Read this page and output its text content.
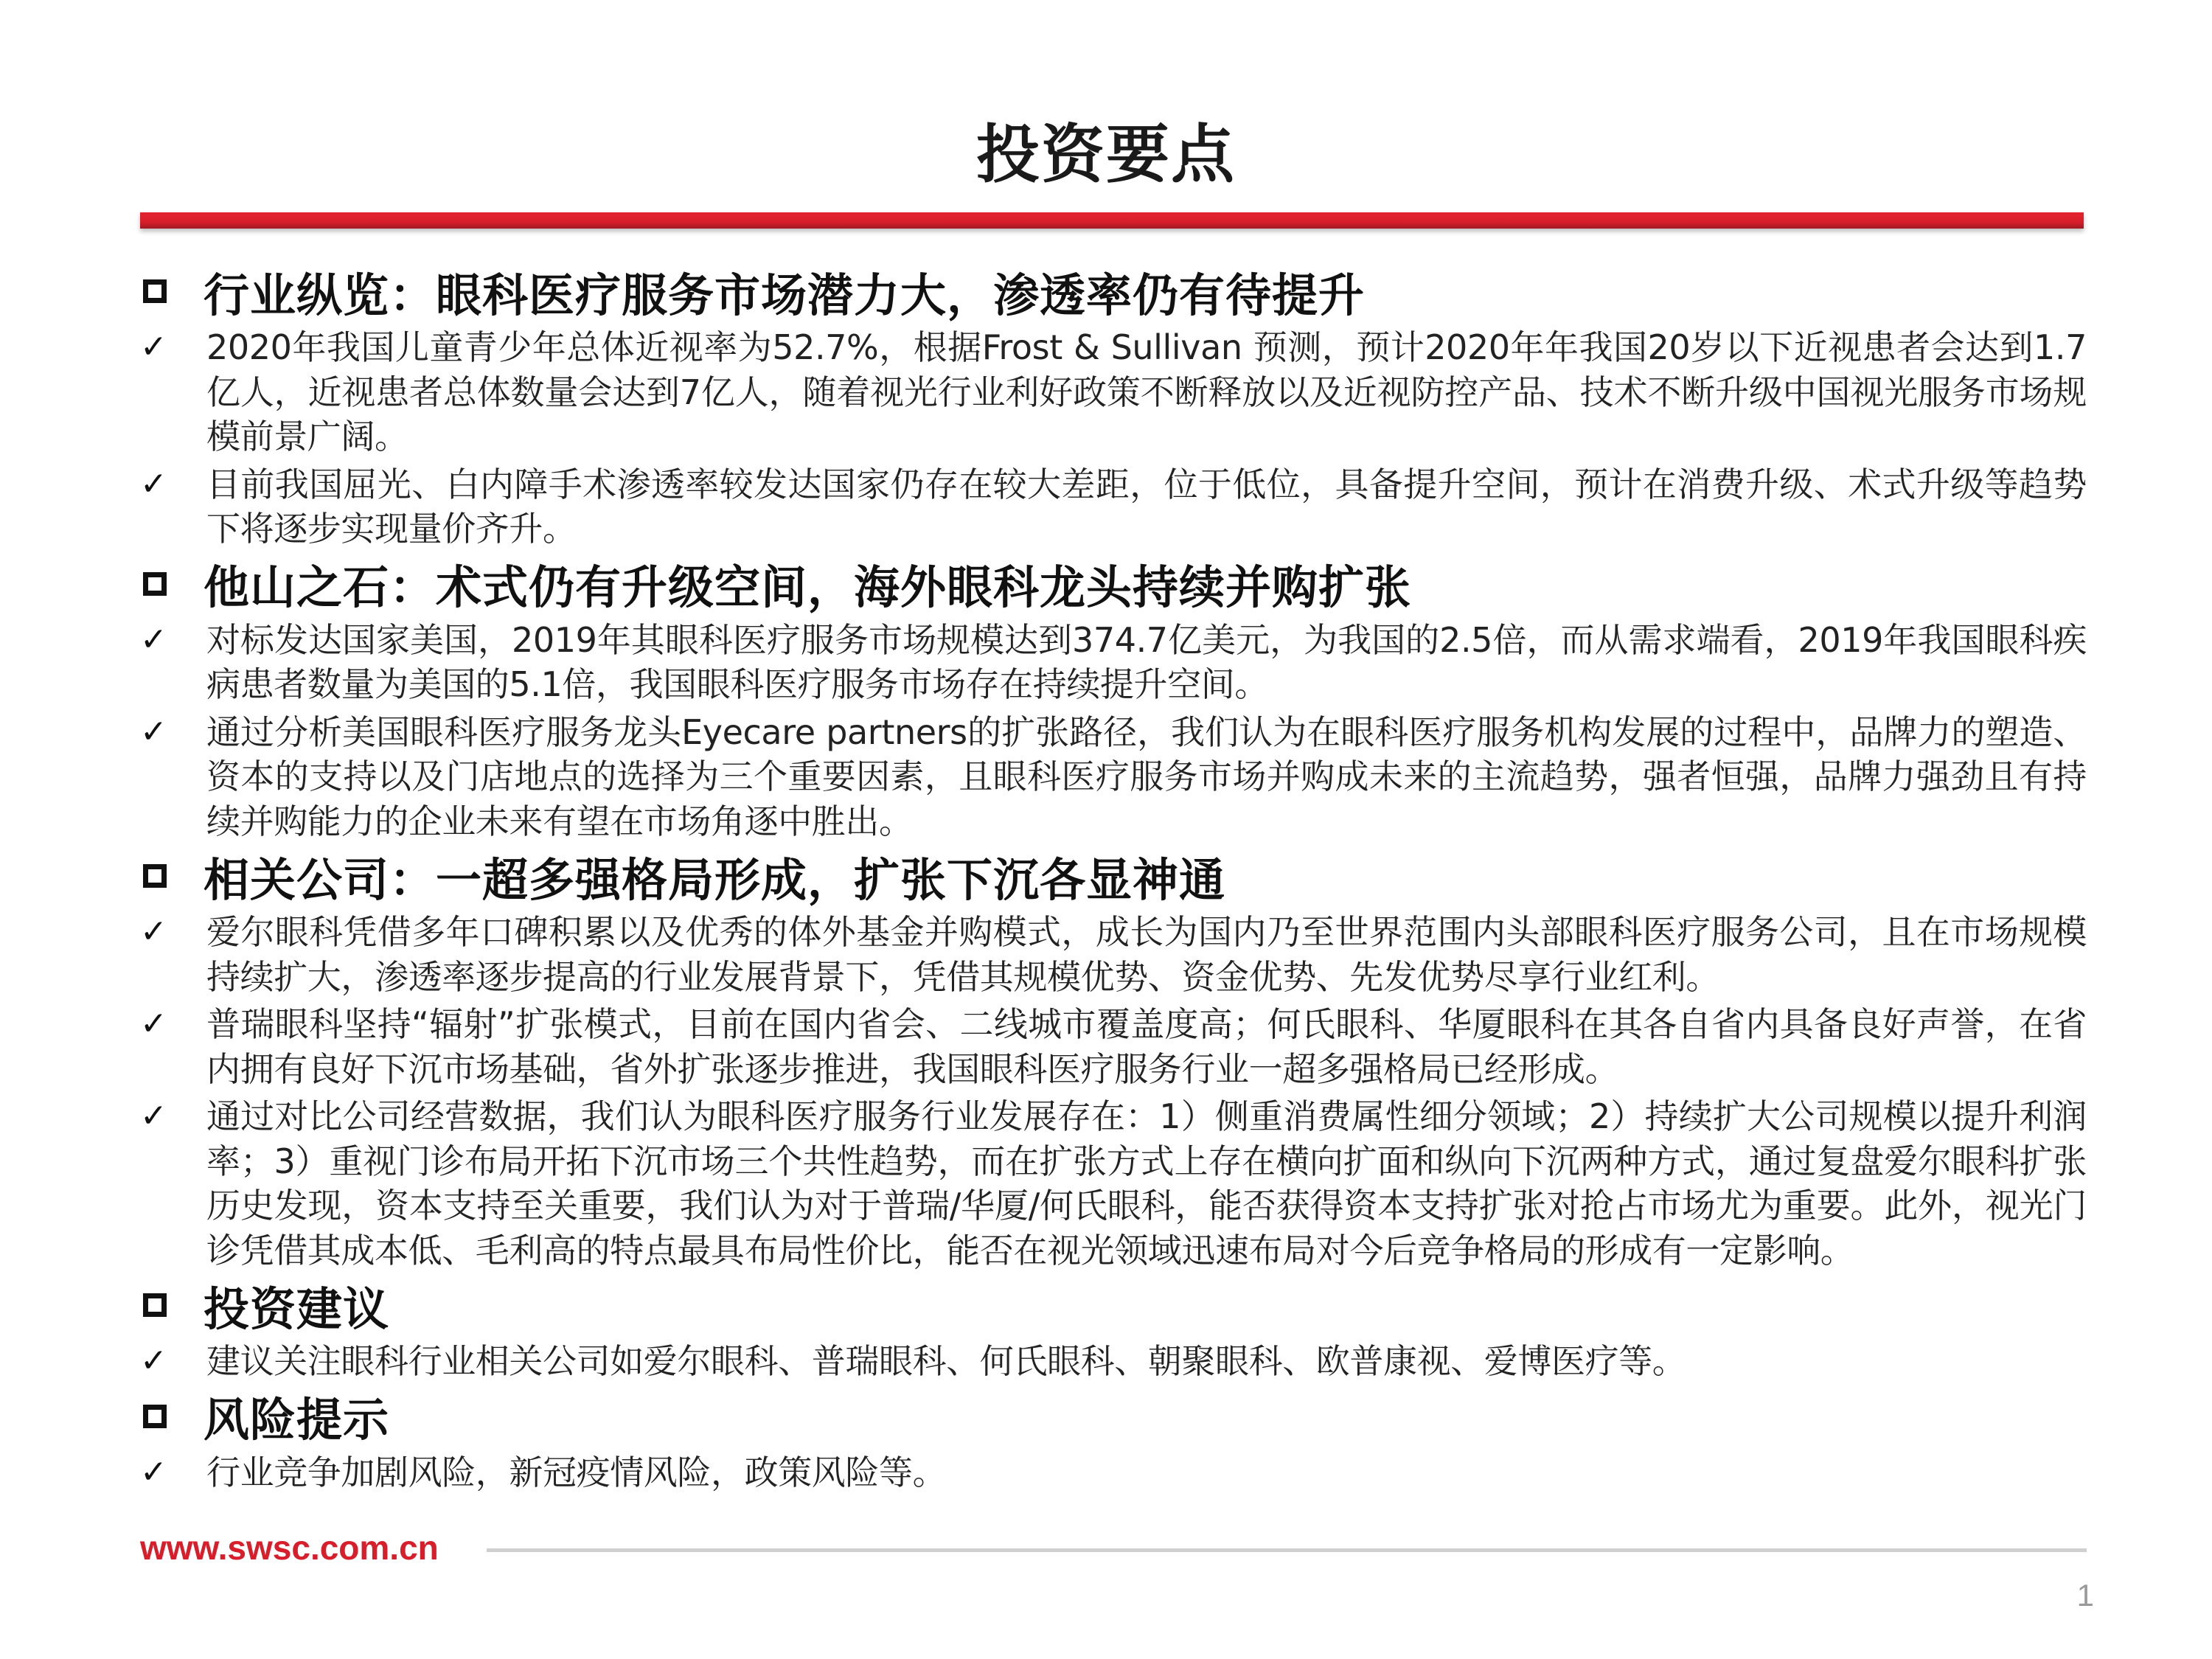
投资要点
行业纵览：眼科医疗服务市场潜力大，渗透率仍有待提升
✓	2020年我国儿童青少年总体近视率为52.7%，根据Frost & Sullivan 预测，预计2020年年我国20岁以下近视患者会达到1.7亿人，近视患者总体数量会达到7亿人，随着视光行业利好政策不断释放以及近视防控产品、技术不断升级中国视光服务市场规模前景广阔。
✓	目前我国屈光、白内障手术渗透率较发达国家仍存在较大差距，位于低位，具备提升空间，预计在消费升级、术式升级等趋势下将逐步实现量价齐升。
他山之石：术式仍有升级空间，海外眼科龙头持续并购扩张
✓	对标发达国家美国，2019年其眼科医疗服务市场规模达到374.7亿美元，为我国的2.5倍，而从需求端看，2019年我国眼科疾病患者数量为美国的5.1倍，我国眼科医疗服务市场存在持续提升空间。
✓	通过分析美国眼科医疗服务龙头Eyecare partners的扩张路径，我们认为在眼科医疗服务机构发展的过程中，品牌力的塑造、资本的支持以及门店地点的选择为三个重要因素，且眼科医疗服务市场并购成未来的主流趋势，强者恒强，品牌力强劲且有持续并购能力的企业未来有望在市场角逐中胜出。
相关公司：一超多强格局形成，扩张下沉各显神通
✓	爱尔眼科凭借多年口碑积累以及优秀的体外基金并购模式，成长为国内乃至世界范围内头部眼科医疗服务公司，且在市场规模持续扩大，渗透率逐步提高的行业发展背景下，凭借其规模优势、资金优势、先发优势尽享行业红利。
✓	普瑞眼科坚持“辐射”扩张模式，目前在国内省会、二线城市覆盖度高；何氏眼科、华厦眼科在其各自省内具备良好声誉，在省内拥有良好下沉市场基础，省外扩张逐步推进，我国眼科医疗服务行业一超多强格局已经形成。
✓	通过对比公司经营数据，我们认为眼科医疗服务行业发展存在：1）侧重消费属性细分领域；2）持续扩大公司规模以提升利润率；3）重视门诊布局开拓下沉市场三个共性趋势，而在扩张方式上存在横向扩面和纵向下沉两种方式，通过复盘爱尔眼科扩张历史发现，资本支持至关重要，我们认为对于普瑞/华厦/何氏眼科，能否获得资本支持扩张对抢占市场尤为重要。此外，视光门诊凭借其成本低、毛利高的特点最具布局性价比，能否在视光领域迅速布局对今后竞争格局的形成有一定影响。
投资建议
✓	建议关注眼科行业相关公司如爱尔眼科、普瑞眼科、何氏眼科、朝聚眼科、欧普康视、爱博医疗等。
风险提示
✓	行业竞争加剧风险，新冠疫情风险，政策风险等。
www.swsc.com.cn
1
